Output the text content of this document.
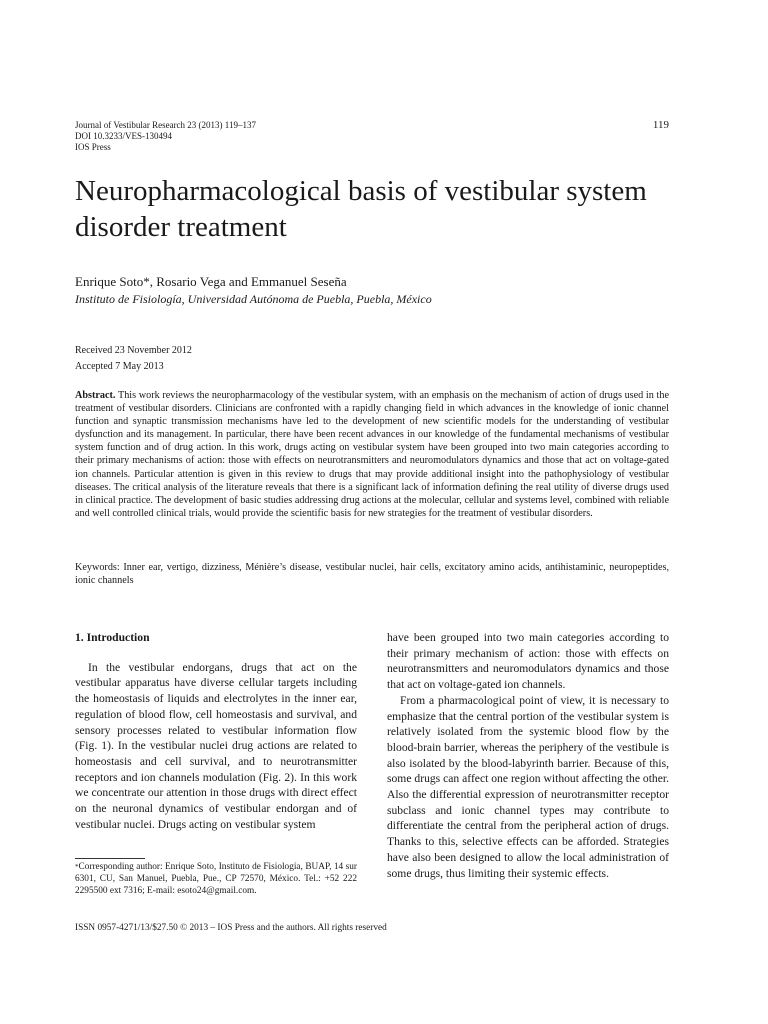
Journal of Vestibular Research 23 (2013) 119–137
DOI 10.3233/VES-130494
IOS Press
119
Neuropharmacological basis of vestibular system disorder treatment
Enrique Soto*, Rosario Vega and Emmanuel Seseña
Instituto de Fisiología, Universidad Autónoma de Puebla, Puebla, México
Received 23 November 2012
Accepted 7 May 2013

Abstract. This work reviews the neuropharmacology of the vestibular system, with an emphasis on the mechanism of action of drugs used in the treatment of vestibular disorders. Clinicians are confronted with a rapidly changing field in which advances in the knowledge of ionic channel function and synaptic transmission mechanisms have led to the development of new scientific models for the understanding of vestibular dysfunction and its management. In particular, there have been recent advances in our knowledge of the fundamental mechanisms of vestibular system function and of drug action. In this work, drugs acting on vestibular system have been grouped into two main categories according to their primary mechanisms of action: those with effects on neurotransmitters and neuromodulators dynamics and those that act on voltage-gated ion channels. Particular attention is given in this review to drugs that may provide additional insight into the pathophysiology of vestibular diseases. The critical analysis of the literature reveals that there is a significant lack of information defining the real utility of diverse drugs used in clinical practice. The development of basic studies addressing drug actions at the molecular, cellular and systems level, combined with reliable and well controlled clinical trials, would provide the scientific basis for new strategies for the treatment of vestibular disorders.

Keywords: Inner ear, vertigo, dizziness, Ménière’s disease, vestibular nuclei, hair cells, excitatory amino acids, antihistaminic, neuropeptides, ionic channels

1. Introduction

In the vestibular endorgans, drugs that act on the vestibular apparatus have diverse cellular targets including the homeostasis of liquids and electrolytes in the inner ear, regulation of blood flow, cell homeostasis and survival, and sensory processes related to vestibular information flow (Fig. 1). In the vestibular nuclei drug actions are related to homeostasis and cell survival, and to neurotransmitter receptors and ion channels modulation (Fig. 2). In this work we concentrate our attention in those drugs with direct effect on the neuronal dynamics of vestibular endorgan and of vestibular nuclei. Drugs acting on vestibular system

have been grouped into two main categories according to their primary mechanism of action: those with effects on neurotransmitters and neuromodulators dynamics and those that act on voltage-gated ion channels.

From a pharmacological point of view, it is necessary to emphasize that the central portion of the vestibular system is relatively isolated from the systemic blood flow by the blood-brain barrier, whereas the periphery of the vestibule is also isolated by the blood-labyrinth barrier. Because of this, some drugs can affect one region without affecting the other. Also the differential expression of neurotransmitter receptor subclass and ionic channel types may contribute to differentiate the central from the peripheral action of drugs. Thanks to this, selective effects can be afforded. Strategies have also been designed to allow the local administration of some drugs, thus limiting their systemic effects.

*Corresponding author: Enrique Soto, Instituto de Fisiología, BUAP, 14 sur 6301, CU, San Manuel, Puebla, Pue., CP 72570, México. Tel.: +52 222 2295500 ext 7316; E-mail: esoto24@gmail.com.

ISSN 0957-4271/13/$27.50 © 2013 – IOS Press and the authors. All rights reserved
